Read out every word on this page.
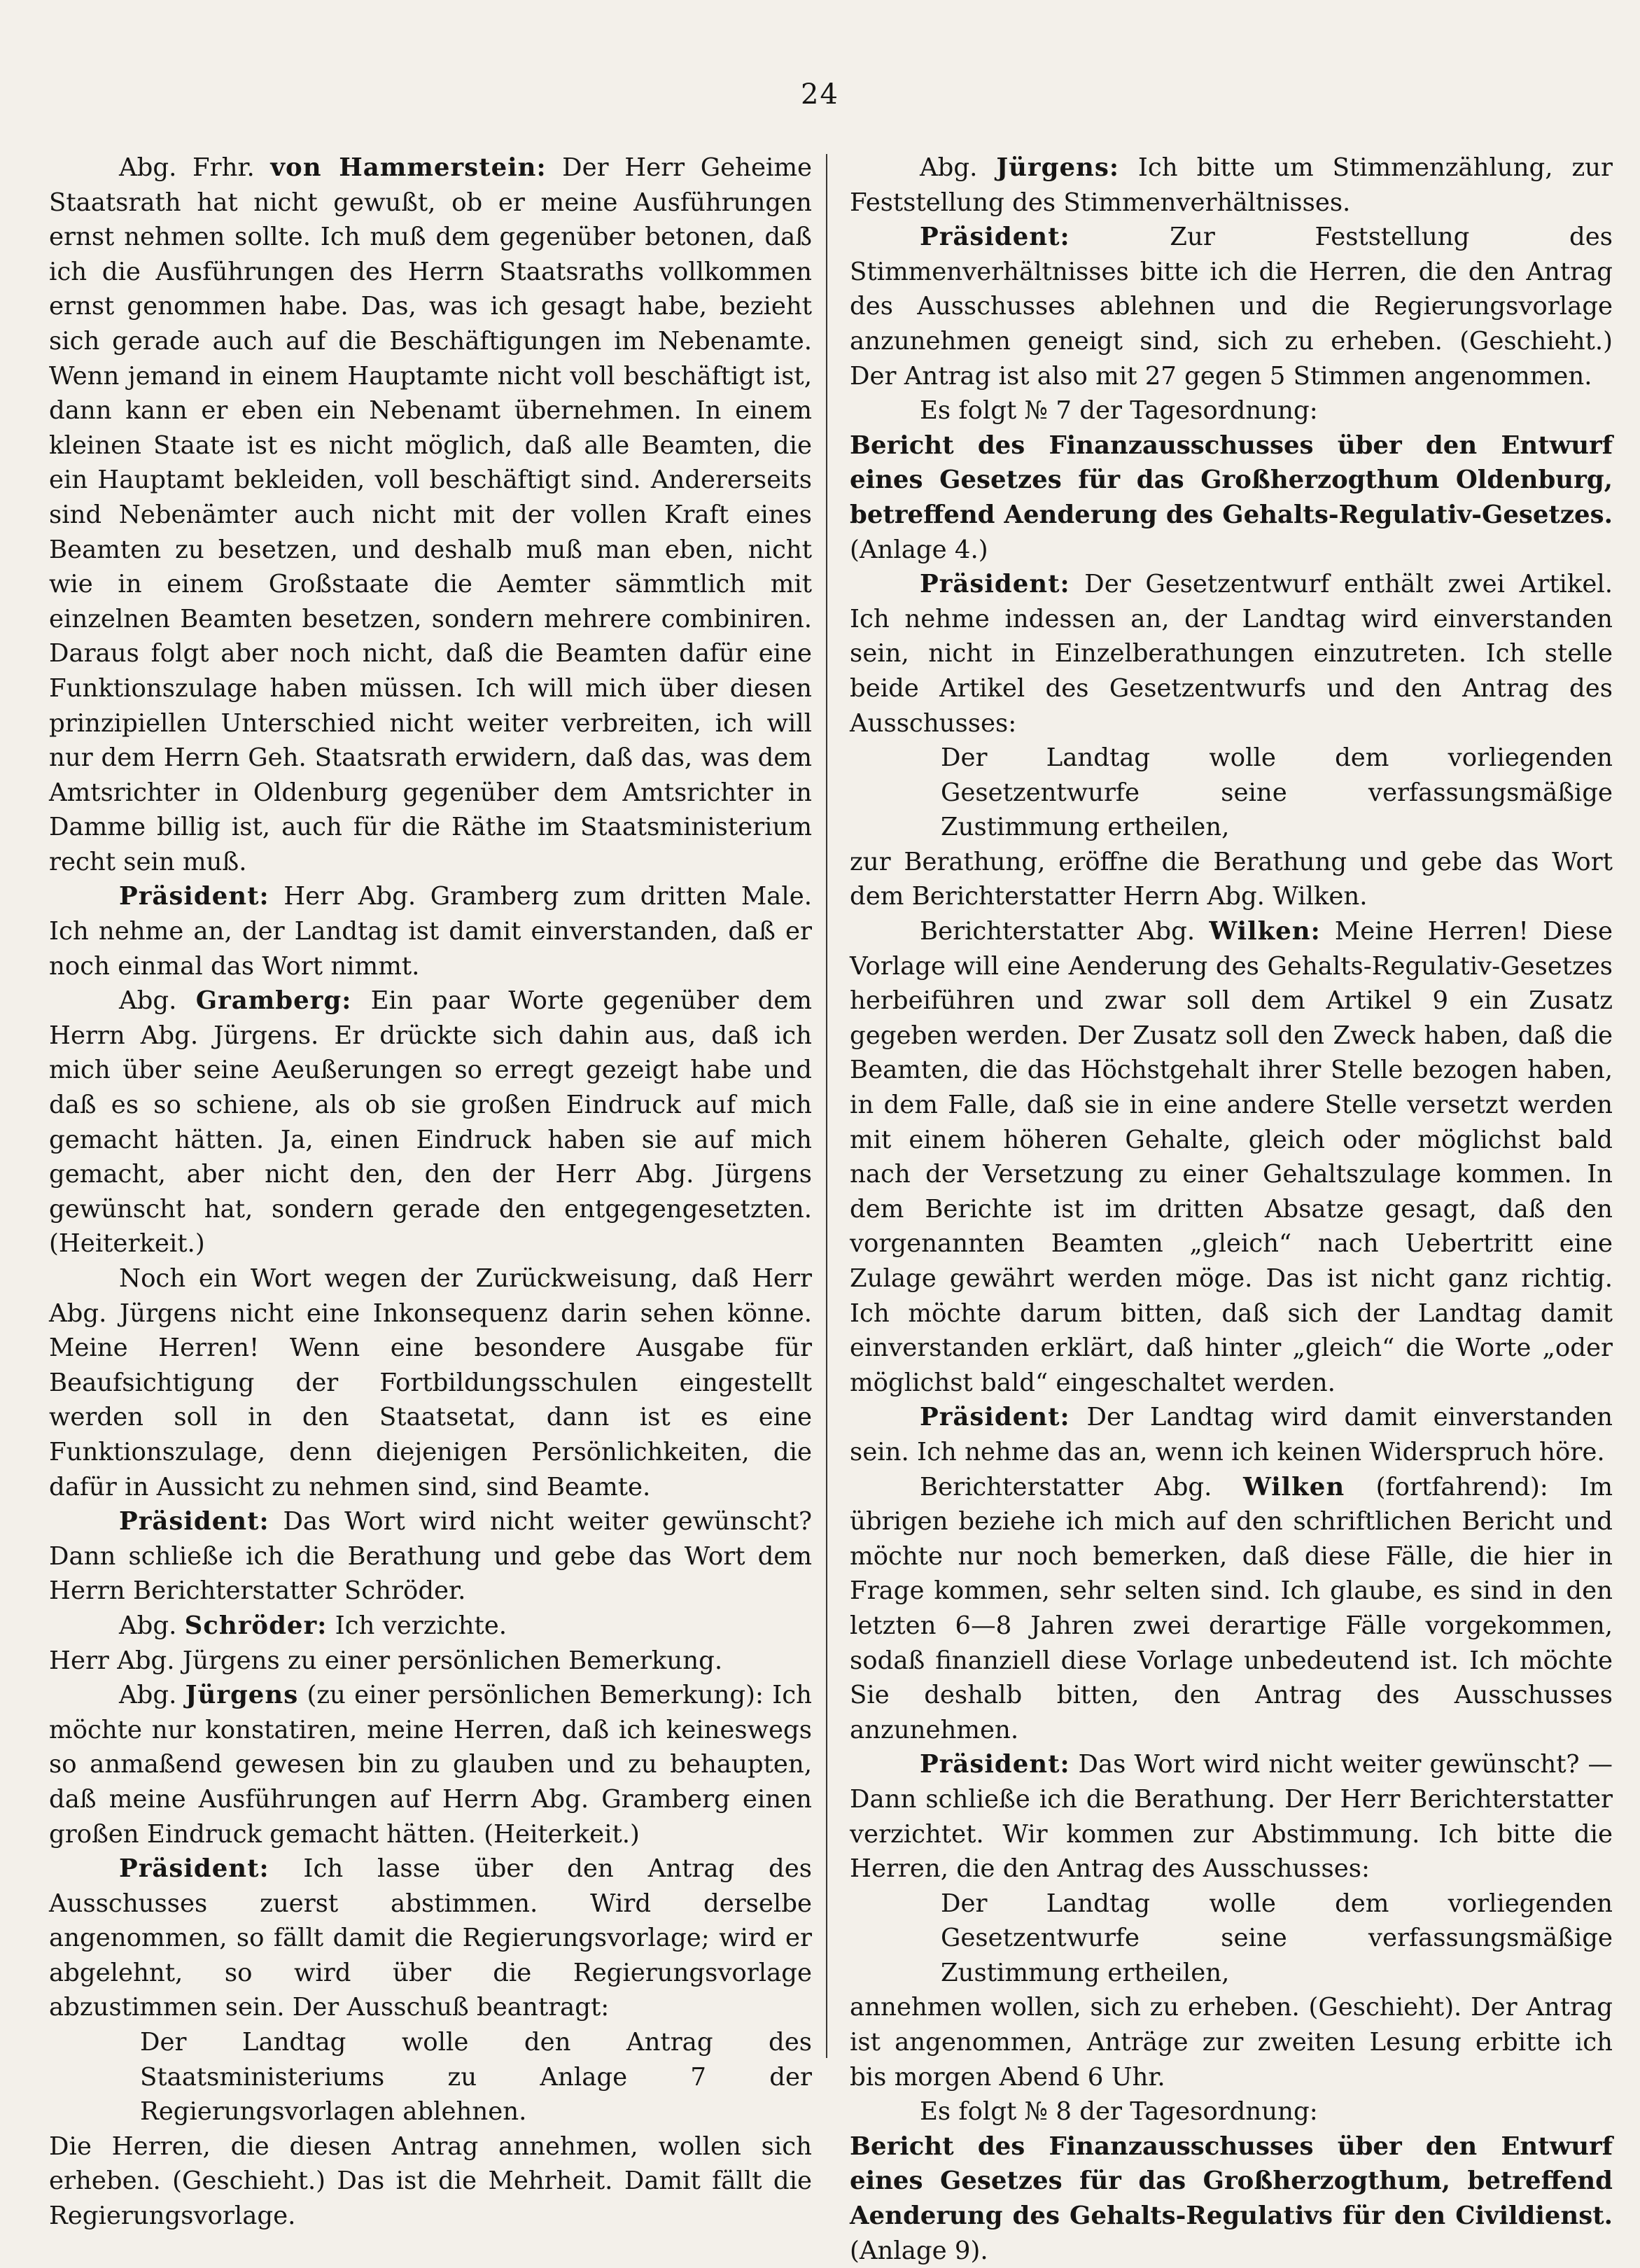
24

Abg. Frhr. von Hammerstein: Der Herr Geheime Staatsrath hat nicht gewußt, ob er meine Ausführungen ernst nehmen sollte. Ich muß dem gegenüber betonen, daß ich die Ausführungen des Herrn Staatsraths vollkommen ernst genommen habe. Das, was ich gesagt habe, bezieht sich gerade auch auf die Beschäftigungen im Nebenamte. Wenn jemand in einem Hauptamte nicht voll beschäftigt ist, dann kann er eben ein Nebenamt übernehmen. In einem kleinen Staate ist es nicht möglich, daß alle Beamten, die ein Hauptamt bekleiden, voll beschäftigt sind. Andererseits sind Nebenämter auch nicht mit der vollen Kraft eines Beamten zu besetzen, und deshalb muß man eben, nicht wie in einem Großstaate die Aemter sämmtlich mit einzelnen Beamten besetzen, sondern mehrere combiniren. Daraus folgt aber noch nicht, daß die Beamten dafür eine Funktionszulage haben müssen. Ich will mich über diesen prinzipiellen Unterschied nicht weiter verbreiten, ich will nur dem Herrn Geh. Staatsrath erwidern, daß das, was dem Amtsrichter in Oldenburg gegenüber dem Amtsrichter in Damme billig ist, auch für die Räthe im Staatsministerium recht sein muß.

Präsident: Herr Abg. Gramberg zum dritten Male. Ich nehme an, der Landtag ist damit einverstanden, daß er noch einmal das Wort nimmt.

Abg. Gramberg: Ein paar Worte gegenüber dem Herrn Abg. Jürgens. Er drückte sich dahin aus, daß ich mich über seine Aeußerungen so erregt gezeigt habe und daß es so schiene, als ob sie großen Eindruck auf mich gemacht hätten. Ja, einen Eindruck haben sie auf mich gemacht, aber nicht den, den der Herr Abg. Jürgens gewünscht hat, sondern gerade den entgegengesetzten. (Heiterkeit.)

Noch ein Wort wegen der Zurückweisung, daß Herr Abg. Jürgens nicht eine Inkonsequenz darin sehen könne. Meine Herren! Wenn eine besondere Ausgabe für Beaufsichtigung der Fortbildungsschulen eingestellt werden soll in den Staatsetat, dann ist es eine Funktionszulage, denn diejenigen Persönlichkeiten, die dafür in Aussicht zu nehmen sind, sind Beamte.

Präsident: Das Wort wird nicht weiter gewünscht? Dann schließe ich die Berathung und gebe das Wort dem Herrn Berichterstatter Schröder.

Abg. Schröder: Ich verzichte.

Herr Abg. Jürgens zu einer persönlichen Bemerkung.

Abg. Jürgens (zu einer persönlichen Bemerkung): Ich möchte nur konstatiren, meine Herren, daß ich keineswegs so anmaßend gewesen bin zu glauben und zu behaupten, daß meine Ausführungen auf Herrn Abg. Gramberg einen großen Eindruck gemacht hätten. (Heiterkeit.)

Präsident: Ich lasse über den Antrag des Ausschusses zuerst abstimmen. Wird derselbe angenommen, so fällt damit die Regierungsvorlage; wird er abgelehnt, so wird über die Regierungsvorlage abzustimmen sein. Der Ausschuß beantragt:

Der Landtag wolle den Antrag des Staatsministeriums zu Anlage 7 der Regierungsvorlagen ablehnen.

Die Herren, die diesen Antrag annehmen, wollen sich erheben. (Geschieht.) Das ist die Mehrheit. Damit fällt die Regierungsvorlage.

Abg. Jürgens: Ich bitte um Stimmenzählung, zur Feststellung des Stimmenverhältnisses.

Präsident: Zur Feststellung des Stimmenverhältnisses bitte ich die Herren, die den Antrag des Ausschusses ablehnen und die Regierungsvorlage anzunehmen geneigt sind, sich zu erheben. (Geschieht.) Der Antrag ist also mit 27 gegen 5 Stimmen angenommen.

Es folgt № 7 der Tagesordnung:

Bericht des Finanzausschusses über den Entwurf eines Gesetzes für das Großherzogthum Oldenburg, betreffend Aenderung des Gehalts-Regulativ-Gesetzes. (Anlage 4.)

Präsident: Der Gesetzentwurf enthält zwei Artikel. Ich nehme indessen an, der Landtag wird einverstanden sein, nicht in Einzelberathungen einzutreten. Ich stelle beide Artikel des Gesetzentwurfs und den Antrag des Ausschusses:

Der Landtag wolle dem vorliegenden Gesetzentwurfe seine verfassungsmäßige Zustimmung ertheilen,

zur Berathung, eröffne die Berathung und gebe das Wort dem Berichterstatter Herrn Abg. Wilken.

Berichterstatter Abg. Wilken: Meine Herren! Diese Vorlage will eine Aenderung des Gehalts-Regulativ-Gesetzes herbeiführen und zwar soll dem Artikel 9 ein Zusatz gegeben werden. Der Zusatz soll den Zweck haben, daß die Beamten, die das Höchstgehalt ihrer Stelle bezogen haben, in dem Falle, daß sie in eine andere Stelle versetzt werden mit einem höheren Gehalte, gleich oder möglichst bald nach der Versetzung zu einer Gehaltszulage kommen. In dem Berichte ist im dritten Absatze gesagt, daß den vorgenannten Beamten „gleich“ nach Uebertritt eine Zulage gewährt werden möge. Das ist nicht ganz richtig. Ich möchte darum bitten, daß sich der Landtag damit einverstanden erklärt, daß hinter „gleich“ die Worte „oder möglichst bald“ eingeschaltet werden.

Präsident: Der Landtag wird damit einverstanden sein. Ich nehme das an, wenn ich keinen Widerspruch höre.

Berichterstatter Abg. Wilken (fortfahrend): Im übrigen beziehe ich mich auf den schriftlichen Bericht und möchte nur noch bemerken, daß diese Fälle, die hier in Frage kommen, sehr selten sind. Ich glaube, es sind in den letzten 6—8 Jahren zwei derartige Fälle vorgekommen, sodaß finanziell diese Vorlage unbedeutend ist. Ich möchte Sie deshalb bitten, den Antrag des Ausschusses anzunehmen.

Präsident: Das Wort wird nicht weiter gewünscht? — Dann schließe ich die Berathung. Der Herr Berichterstatter verzichtet. Wir kommen zur Abstimmung. Ich bitte die Herren, die den Antrag des Ausschusses:

Der Landtag wolle dem vorliegenden Gesetzentwurfe seine verfassungsmäßige Zustimmung ertheilen,

annehmen wollen, sich zu erheben. (Geschieht). Der Antrag ist angenommen, Anträge zur zweiten Lesung erbitte ich bis morgen Abend 6 Uhr.

Es folgt № 8 der Tagesordnung:

Bericht des Finanzausschusses über den Entwurf eines Gesetzes für das Großherzogthum, betreffend Aenderung des Gehalts-Regulativs für den Civildienst. (Anlage 9).
